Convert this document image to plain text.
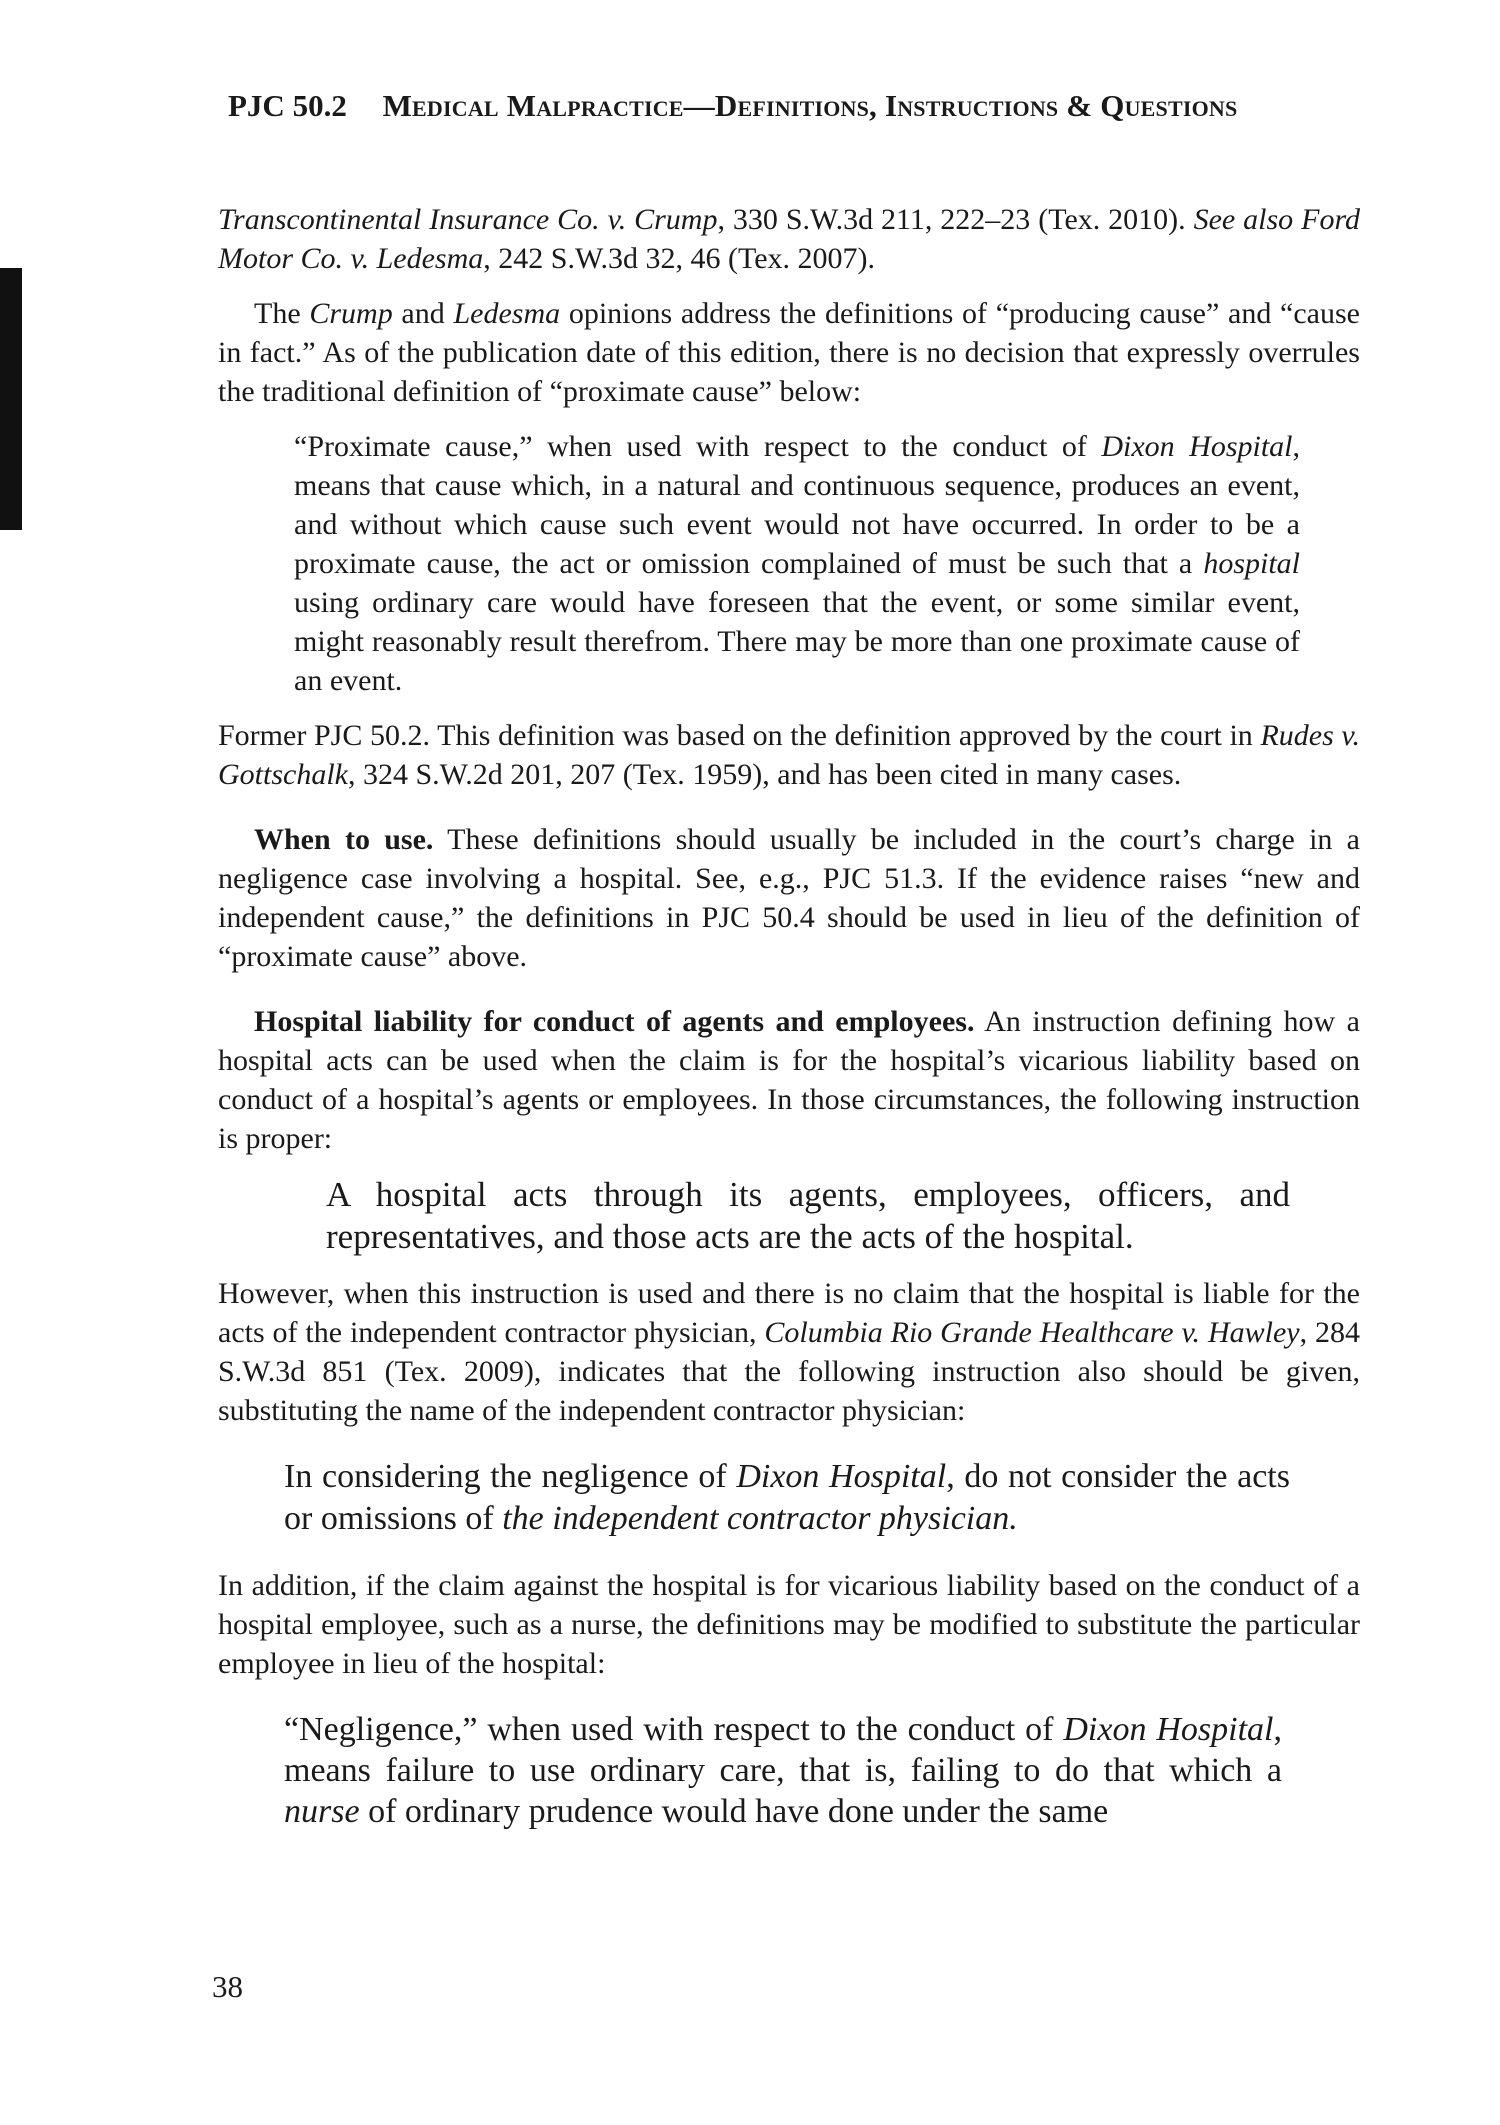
PJC 50.2 Medical Malpractice—Definitions, Instructions & Questions

Transcontinental Insurance Co. v. Crump, 330 S.W.3d 211, 222–23 (Tex. 2010). See also Ford Motor Co. v. Ledesma, 242 S.W.3d 32, 46 (Tex. 2007).

The Crump and Ledesma opinions address the definitions of “producing cause” and “cause in fact.” As of the publication date of this edition, there is no decision that expressly overrules the traditional definition of “proximate cause” below:

“Proximate cause,” when used with respect to the conduct of Dixon Hospital, means that cause which, in a natural and continuous sequence, produces an event, and without which cause such event would not have occurred. In order to be a proximate cause, the act or omission complained of must be such that a hospital using ordinary care would have foreseen that the event, or some similar event, might reasonably result therefrom. There may be more than one proximate cause of an event.

Former PJC 50.2. This definition was based on the definition approved by the court in Rudes v. Gottschalk, 324 S.W.2d 201, 207 (Tex. 1959), and has been cited in many cases.

When to use. These definitions should usually be included in the court’s charge in a negligence case involving a hospital. See, e.g., PJC 51.3. If the evidence raises “new and independent cause,” the definitions in PJC 50.4 should be used in lieu of the definition of “proximate cause” above.

Hospital liability for conduct of agents and employees. An instruction defining how a hospital acts can be used when the claim is for the hospital’s vicarious liability based on conduct of a hospital’s agents or employees. In those circumstances, the following instruction is proper:

A hospital acts through its agents, employees, officers, and representatives, and those acts are the acts of the hospital.

However, when this instruction is used and there is no claim that the hospital is liable for the acts of the independent contractor physician, Columbia Rio Grande Healthcare v. Hawley, 284 S.W.3d 851 (Tex. 2009), indicates that the following instruction also should be given, substituting the name of the independent contractor physician:

In considering the negligence of Dixon Hospital, do not consider the acts or omissions of the independent contractor physician.

In addition, if the claim against the hospital is for vicarious liability based on the conduct of a hospital employee, such as a nurse, the definitions may be modified to substitute the particular employee in lieu of the hospital:

“Negligence,” when used with respect to the conduct of Dixon Hospital, means failure to use ordinary care, that is, failing to do that which a nurse of ordinary prudence would have done under the same

38
